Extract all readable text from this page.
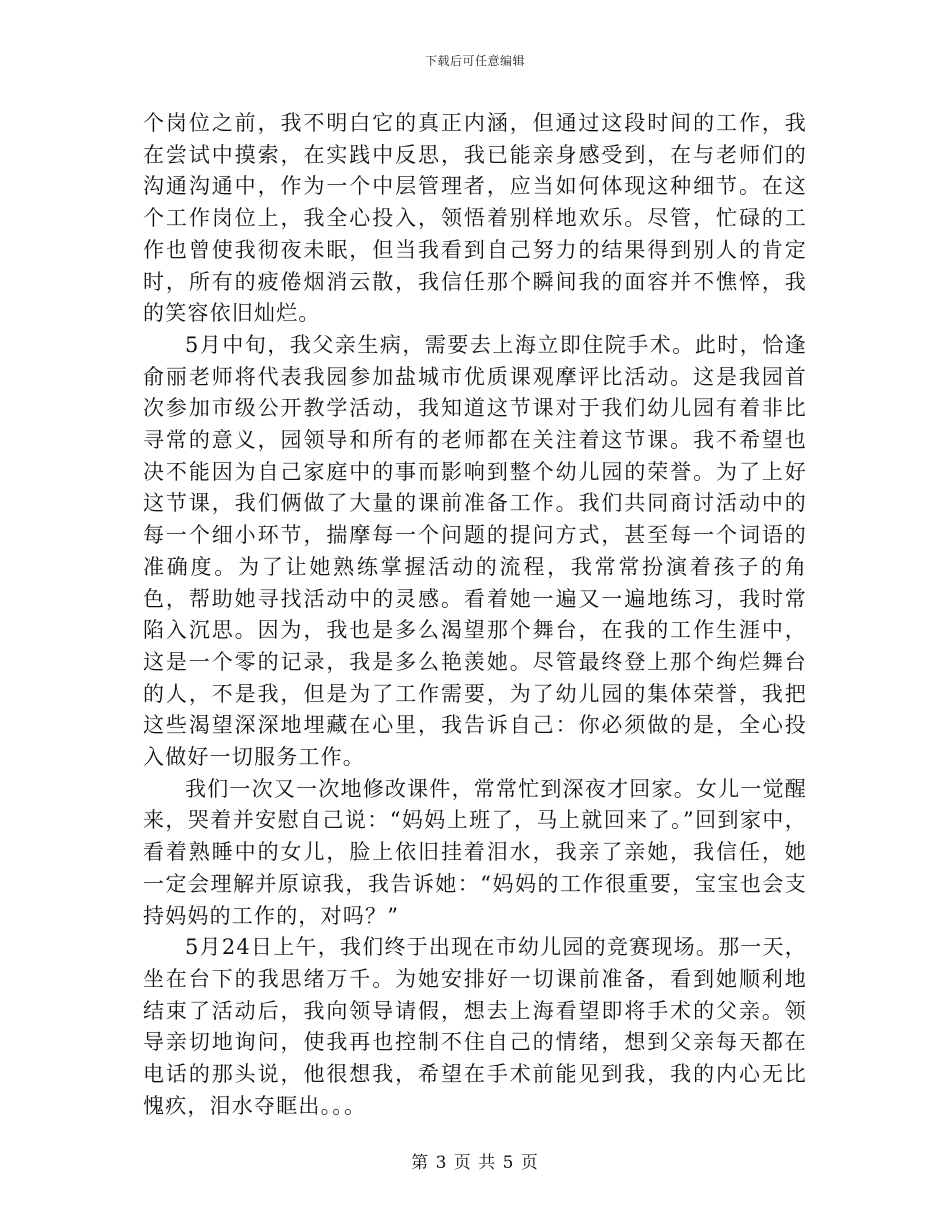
下载后可任意编辑

个岗位之前，我不明白它的真正内涵，但通过这段时间的工作，我在尝试中摸索，在实践中反思，我已能亲身感受到，在与老师们的沟通沟通中，作为一个中层管理者，应当如何体现这种细节。在这个工作岗位上，我全心投入，领悟着别样地欢乐。尽管，忙碌的工作也曾使我彻夜未眠，但当我看到自己努力的结果得到别人的肯定时，所有的疲倦烟消云散，我信任那个瞬间我的面容并不憔悴，我的笑容依旧灿烂。

5月中旬，我父亲生病，需要去上海立即住院手术。此时，恰逢俞丽老师将代表我园参加盐城市优质课观摩评比活动。这是我园首次参加市级公开教学活动，我知道这节课对于我们幼儿园有着非比寻常的意义，园领导和所有的老师都在关注着这节课。我不希望也决不能因为自己家庭中的事而影响到整个幼儿园的荣誉。为了上好这节课，我们俩做了大量的课前准备工作。我们共同商讨活动中的每一个细小环节，揣摩每一个问题的提问方式，甚至每一个词语的准确度。为了让她熟练掌握活动的流程，我常常扮演着孩子的角色，帮助她寻找活动中的灵感。看着她一遍又一遍地练习，我时常陷入沉思。因为，我也是多么渴望那个舞台，在我的工作生涯中，这是一个零的记录，我是多么艳羡她。尽管最终登上那个绚烂舞台的人，不是我，但是为了工作需要，为了幼儿园的集体荣誉，我把这些渴望深深地埋藏在心里，我告诉自己：你必须做的是，全心投入做好一切服务工作。

我们一次又一次地修改课件，常常忙到深夜才回家。女儿一觉醒来，哭着并安慰自己说：“妈妈上班了，马上就回来了。”回到家中，看着熟睡中的女儿，脸上依旧挂着泪水，我亲了亲她，我信任，她一定会理解并原谅我，我告诉她：“妈妈的工作很重要，宝宝也会支持妈妈的工作的，对吗？”

5月24日上午，我们终于出现在市幼儿园的竞赛现场。那一天，坐在台下的我思绪万千。为她安排好一切课前准备，看到她顺利地结束了活动后，我向领导请假，想去上海看望即将手术的父亲。领导亲切地询问，使我再也控制不住自己的情绪，想到父亲每天都在电话的那头说，他很想我，希望在手术前能见到我，我的内心无比愧疚，泪水夺眶出。。。

第 3 页 共 5 页
